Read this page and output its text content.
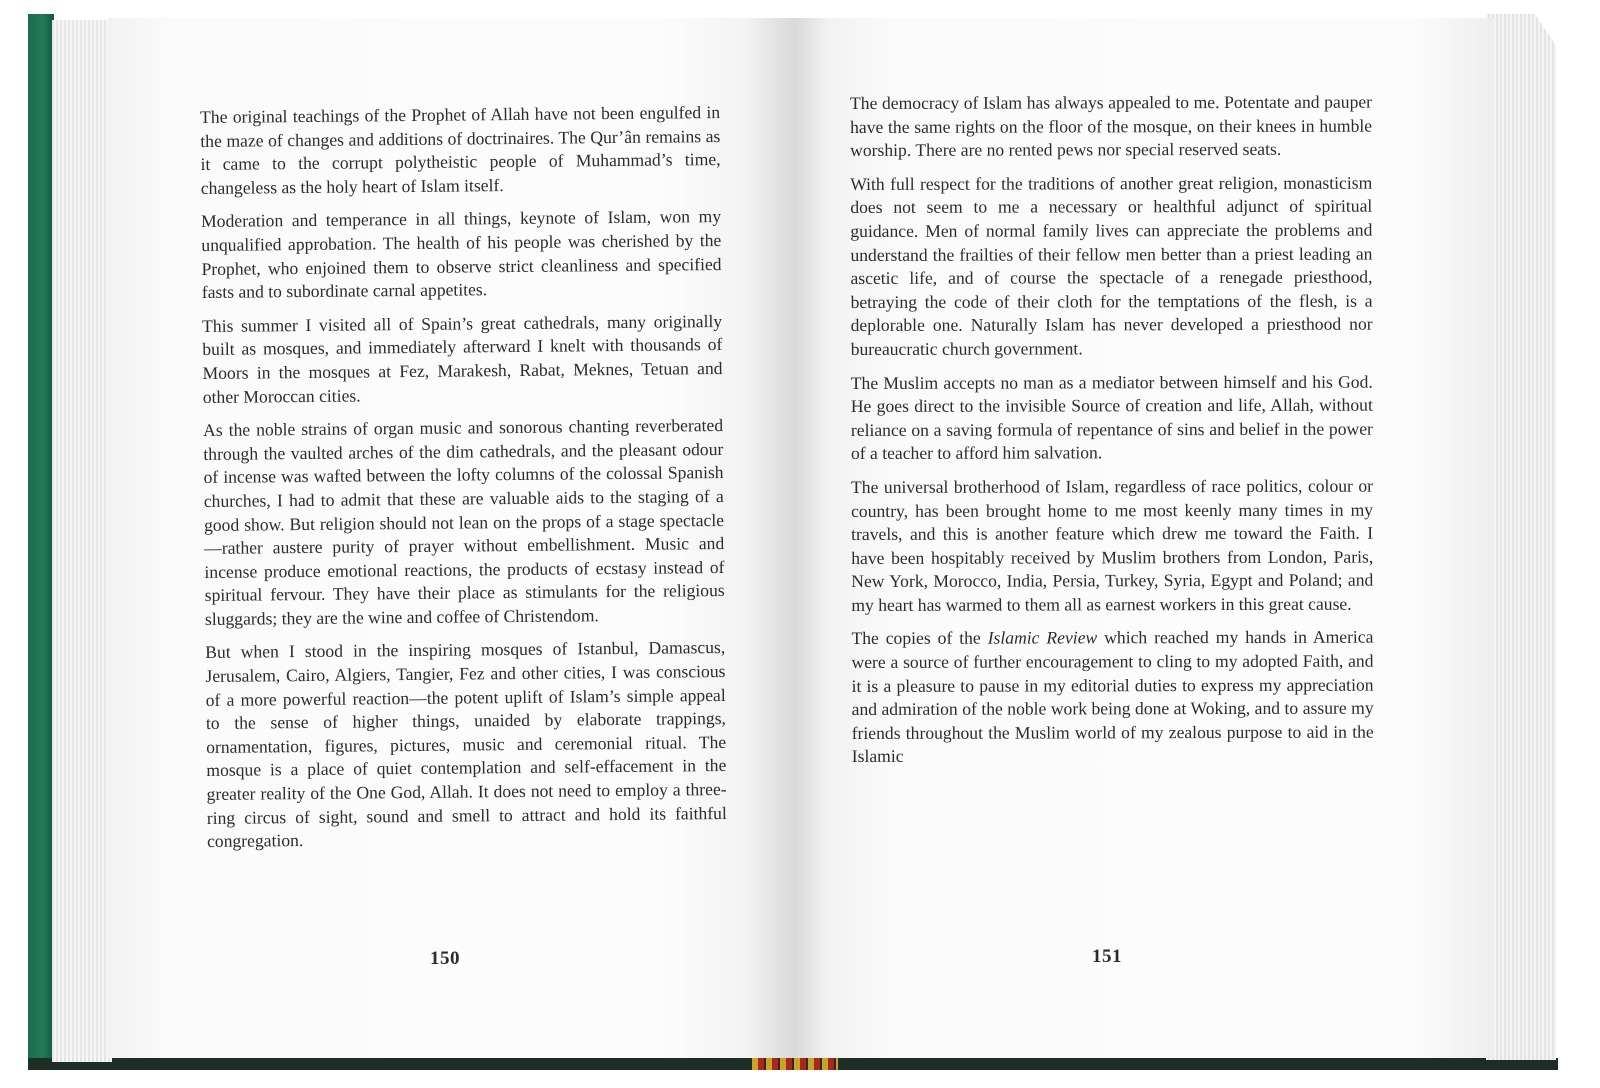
The original teachings of the Prophet of Allah have not been engulfed in the maze of changes and additions of doctrinaires. The Qur’ân remains as it came to the corrupt polytheistic people of Muhammad’s time, changeless as the holy heart of Islam itself.

Moderation and temperance in all things, keynote of Islam, won my unqualified approbation. The health of his people was cherished by the Prophet, who enjoined them to observe strict cleanliness and specified fasts and to subordinate carnal appetites.

This summer I visited all of Spain’s great cathedrals, many originally built as mosques, and immediately afterward I knelt with thousands of Moors in the mosques at Fez, Marakesh, Rabat, Meknes, Tetuan and other Moroccan cities.

As the noble strains of organ music and sonorous chanting reverberated through the vaulted arches of the dim cathedrals, and the pleasant odour of incense was wafted between the lofty columns of the colossal Spanish churches, I had to admit that these are valuable aids to the staging of a good show. But religion should not lean on the props of a stage spectacle—rather austere purity of prayer without embellishment. Music and incense produce emotional reactions, the products of ecstasy instead of spiritual fervour. They have their place as stimulants for the religious sluggards; they are the wine and coffee of Christendom.

But when I stood in the inspiring mosques of Istanbul, Damascus, Jerusalem, Cairo, Algiers, Tangier, Fez and other cities, I was conscious of a more powerful reaction—the potent uplift of Islam’s simple appeal to the sense of higher things, unaided by elaborate trappings, ornamentation, figures, pictures, music and ceremonial ritual. The mosque is a place of quiet contemplation and self-effacement in the greater reality of the One God, Allah. It does not need to employ a three-ring circus of sight, sound and smell to attract and hold its faithful congregation.

150

The democracy of Islam has always appealed to me. Potentate and pauper have the same rights on the floor of the mosque, on their knees in humble worship. There are no rented pews nor special reserved seats.

With full respect for the traditions of another great religion, monasticism does not seem to me a necessary or healthful adjunct of spiritual guidance. Men of normal family lives can appreciate the problems and understand the frailties of their fellow men better than a priest leading an ascetic life, and of course the spectacle of a renegade priesthood, betraying the code of their cloth for the temptations of the flesh, is a deplorable one. Naturally Islam has never developed a priesthood nor bureaucratic church government.

The Muslim accepts no man as a mediator between himself and his God. He goes direct to the invisible Source of creation and life, Allah, without reliance on a saving formula of repentance of sins and belief in the power of a teacher to afford him salvation.

The universal brotherhood of Islam, regardless of race politics, colour or country, has been brought home to me most keenly many times in my travels, and this is another feature which drew me toward the Faith. I have been hospitably received by Muslim brothers from London, Paris, New York, Morocco, India, Persia, Turkey, Syria, Egypt and Poland; and my heart has warmed to them all as earnest workers in this great cause.

The copies of the Islamic Review which reached my hands in America were a source of further encouragement to cling to my adopted Faith, and it is a pleasure to pause in my editorial duties to express my appreciation and admiration of the noble work being done at Woking, and to assure my friends throughout the Muslim world of my zealous purpose to aid in the Islamic

151
